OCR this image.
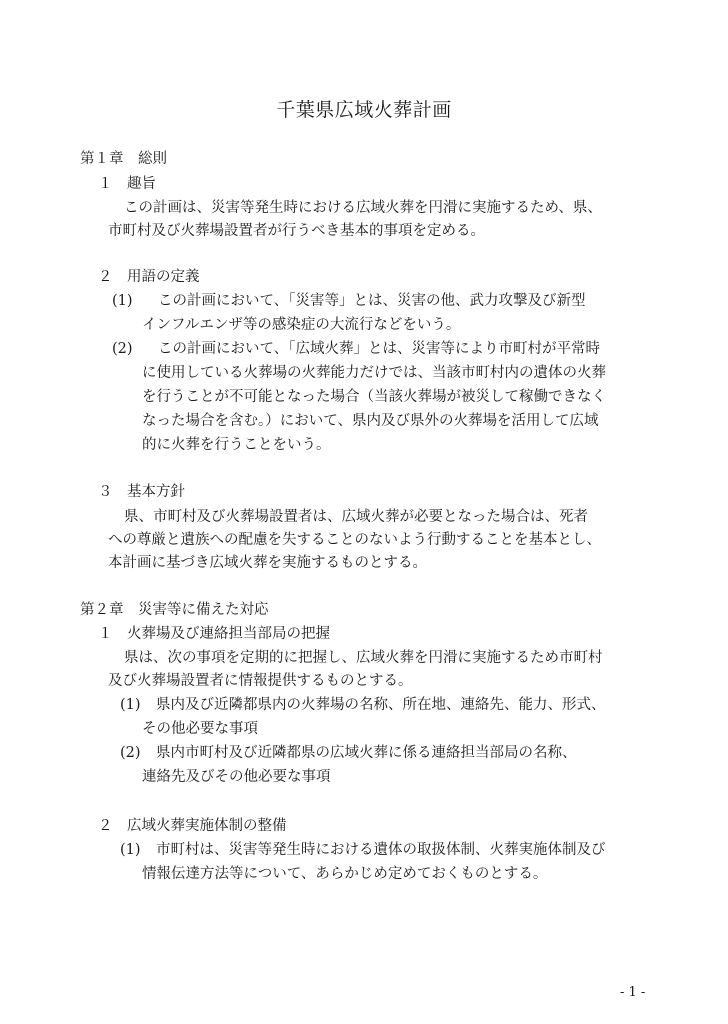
千葉県広域火葬計画
第１章　総則
１　趣旨
この計画は、災害等発生時における広域火葬を円滑に実施するため、県、
市町村及び火葬場設置者が行うべき基本的事項を定める。
２　用語の定義
(1) この計画において、「災害等」とは、災害の他、武力攻撃及び新型
インフルエンザ等の感染症の大流行などをいう。
(2) この計画において、「広域火葬」とは、災害等により市町村が平常時
に使用している火葬場の火葬能力だけでは、当該市町村内の遺体の火葬
を行うことが不可能となった場合（当該火葬場が被災して稼働できなく
なった場合を含む。）において、県内及び県外の火葬場を活用して広域
的に火葬を行うことをいう。
３　基本方針
県、市町村及び火葬場設置者は、広域火葬が必要となった場合は、死者
への尊厳と遺族への配慮を失することのないよう行動することを基本とし、
本計画に基づき広域火葬を実施するものとする。
第２章　災害等に備えた対応
１　火葬場及び連絡担当部局の把握
県は、次の事項を定期的に把握し、広域火葬を円滑に実施するため市町村
及び火葬場設置者に情報提供するものとする。
(1) 県内及び近隣都県内の火葬場の名称、所在地、連絡先、能力、形式、
その他必要な事項
(2) 県内市町村及び近隣都県の広域火葬に係る連絡担当部局の名称、
連絡先及びその他必要な事項
２　広域火葬実施体制の整備
(1) 市町村は、災害等発生時における遺体の取扱体制、火葬実施体制及び
情報伝達方法等について、あらかじめ定めておくものとする。
- 1 -
